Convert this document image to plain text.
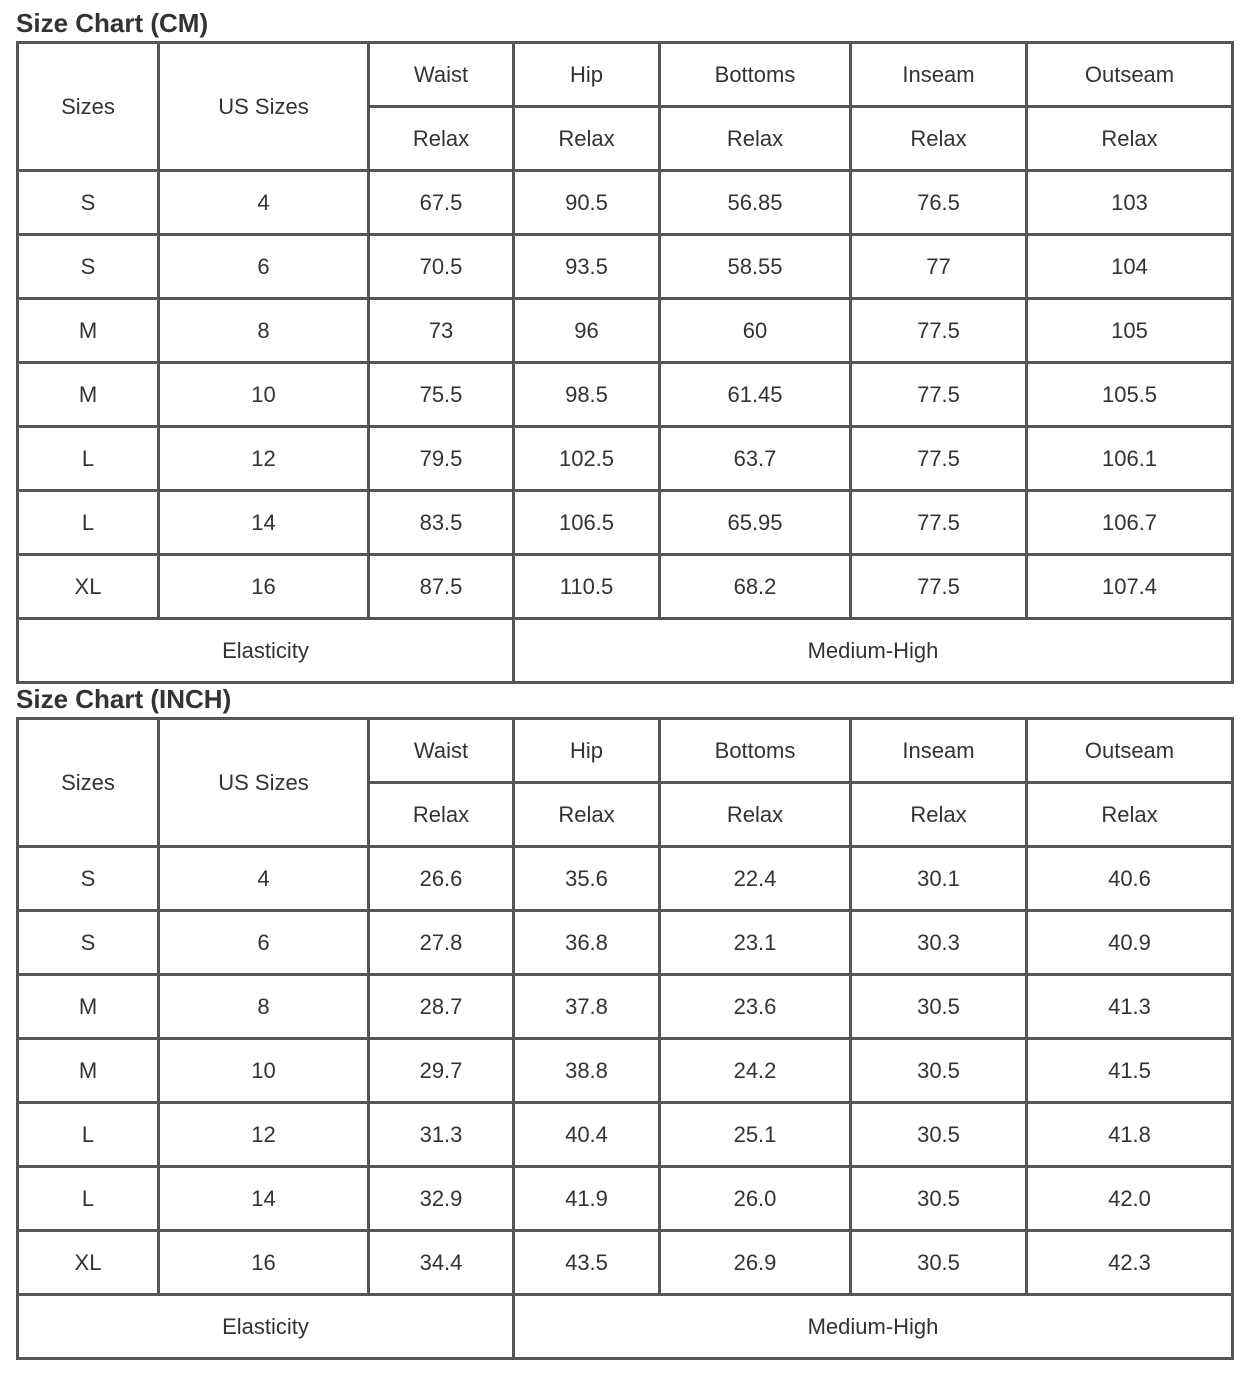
Size Chart (CM)
Sizes	US Sizes	Waist	Hip	Bottoms	Inseam	Outseam
		Relax	Relax	Relax	Relax	Relax
S	4	67.5	90.5	56.85	76.5	103
S	6	70.5	93.5	58.55	77	104
M	8	73	96	60	77.5	105
M	10	75.5	98.5	61.45	77.5	105.5
L	12	79.5	102.5	63.7	77.5	106.1
L	14	83.5	106.5	65.95	77.5	106.7
XL	16	87.5	110.5	68.2	77.5	107.4
Elasticity			Medium-High			
Size Chart (INCH)
Sizes	US Sizes	Waist	Hip	Bottoms	Inseam	Outseam
		Relax	Relax	Relax	Relax	Relax
S	4	26.6	35.6	22.4	30.1	40.6
S	6	27.8	36.8	23.1	30.3	40.9
M	8	28.7	37.8	23.6	30.5	41.3
M	10	29.7	38.8	24.2	30.5	41.5
L	12	31.3	40.4	25.1	30.5	41.8
L	14	32.9	41.9	26.0	30.5	42.0
XL	16	34.4	43.5	26.9	30.5	42.3
Elasticity			Medium-High			
